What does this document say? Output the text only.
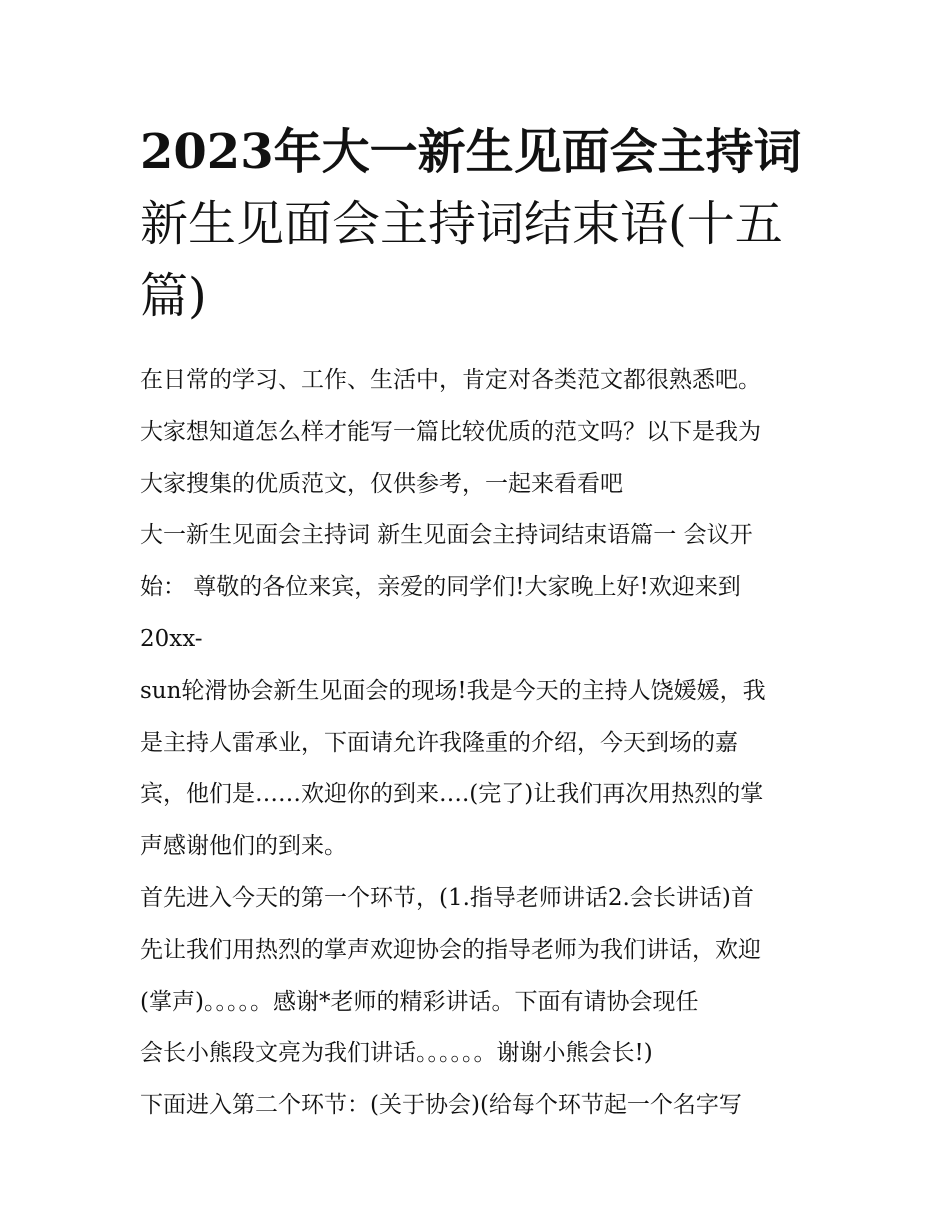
2023年大一新生见面会主持词
新生见面会主持词结束语(十五
篇)
在日常的学习、工作、生活中，肯定对各类范文都很熟悉吧。
大家想知道怎么样才能写一篇比较优质的范文吗？以下是我为
大家搜集的优质范文，仅供参考，一起来看看吧
大一新生见面会主持词 新生见面会主持词结束语篇一 会议开
始： 尊敬的各位来宾，亲爱的同学们!大家晚上好!欢迎来到
20xx-
sun轮滑协会新生见面会的现场!我是今天的主持人饶媛媛，我
是主持人雷承业，下面请允许我隆重的介绍，今天到场的嘉
宾，他们是……欢迎你的到来….(完了)让我们再次用热烈的掌
声感谢他们的到来。
首先进入今天的第一个环节，(1.指导老师讲话2.会长讲话)首
先让我们用热烈的掌声欢迎协会的指导老师为我们讲话，欢迎
(掌声)。。。。。感谢*老师的精彩讲话。下面有请协会现任
会长小熊段文亮为我们讲话。。。。。。谢谢小熊会长!)
下面进入第二个环节：(关于协会)(给每个环节起一个名字写
